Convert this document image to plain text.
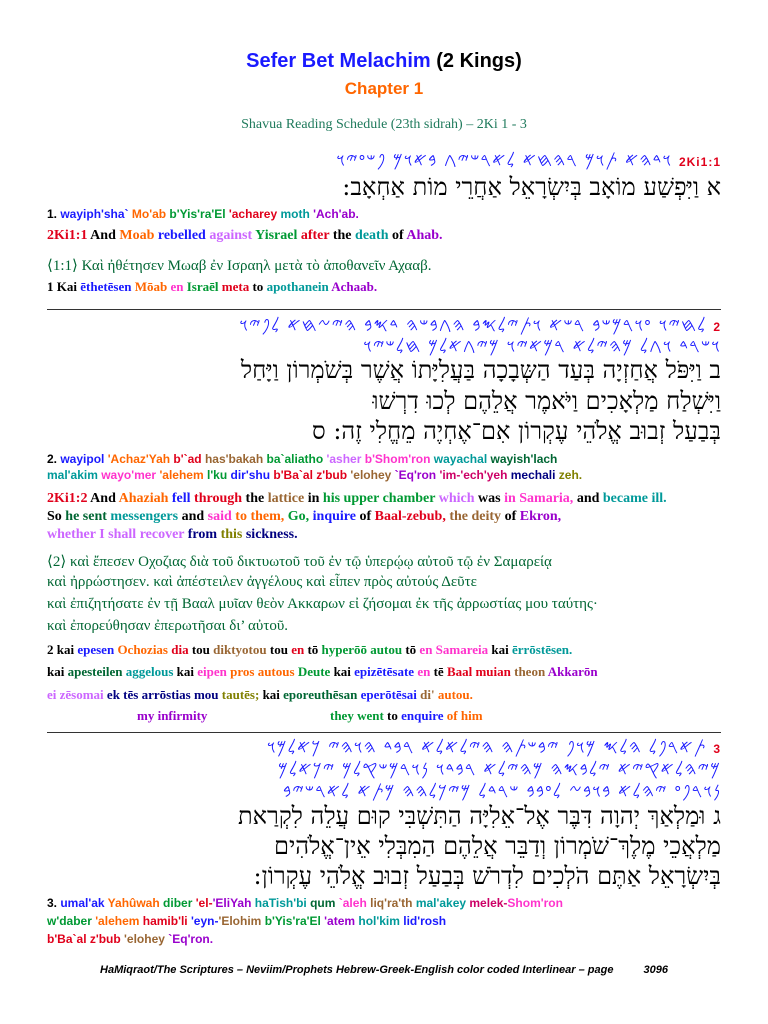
Sefer Bet Melachim (2 Kings)
Chapter 1
Shavua Reading Schedule (23th sidrah) – 2Ki 1 - 3
2Ki1:1 𐤅𐤃𐤄𐤀 𐤕𐤅𐤌 𐤓𐤄𐤇𐤀 𐤋𐤀𐤓𐤔𐤉𐤂 𐤁𐤀𐤅𐤌 𐤐𐤔𐤏𐤉𐤅
א וַיִּפְשַׁע מוֹאָב בְּיִשְׂרָאֵל אַחֲרֵי מוֹת אַחְאָב:
1. wayiph'sha` Mo'ab b'Yis'ra'El 'acharey moth 'Ach'ab.
2Ki1:1 And Moab rebelled against Yisrael after the death of Ahab.
⟨1:1⟩ Καὶ ἠθέτησεν Μωαβ ἐν Ισραηλ μετὰ τὸ ἀποθανεῖν Αχααβ.
1 Kai ēthetēsen Mōab en Israēl meta to apothanein Achaab.
2 𐤋𐤇𐤉𐤅 𐤏𐤅𐤓𐤌𐤔𐤁 𐤓𐤔𐤀 𐤅𐤕𐤉𐤋𐤎𐤁 𐤄𐤂𐤁𐤔𐤄 𐤃𐤎𐤁 𐤄𐤉𐤆𐤇𐤀 𐤋𐤐𐤉𐤅
𐤅𐤔𐤓𐤃 𐤅𐤂𐤋 𐤌𐤄𐤉𐤋𐤀 𐤓𐤌𐤀𐤉𐤅 𐤌𐤉𐤂𐤀𐤋𐤌 𐤇𐤋𐤔𐤉𐤅
ב וַיִּפֹּל אֲחַזְיָה בְּעַד הַשְּבָכָה בַּעֲלִיָּתוֹ אֲשֶׁר בְּשֹׁמְרוֹן וַיָּחַל
וַיִּשְׁלַח מַלְאָכִים וַיֹּאמֶר אֲלֵהֶם לְכוּ דִרְשׁוּ
בְּבַעַל זְבוּב אֱלֹהֵי עֶקְרוֹן אִם־אֶחְיֶה מֵחֱלִי זֶה: ס
2. wayipol 'Achaz'Yah b'`ad has'bakah ba`aliatho 'asher b'Shom'ron wayachal wayish'lach
mal'akim wayo'mer 'alehem l'ku dir'shu b'Ba`al z'bub 'elohey `Eq'ron 'im-'ech'yeh mechali zeh.
2Ki1:2 And Ahaziah fell through the lattice in his upper chamber which was in Samaria, and became ill.
So he sent messengers and said to them, Go, inquire of Baal-zebub, the deity of Ekron,
whether I shall recover from this sickness.
⟨2⟩ καὶ ἔπεσεν Οχοζιας διὰ τοῦ δικτυωτοῦ τοῦ ἐν τῷ ὑπερῴῳ αὐτοῦ τῷ ἐν Σαμαρείᾳ
καὶ ἠρρώστησεν. καὶ ἀπέστειλεν ἀγγέλους καὶ εἶπεν πρὸς αὐτούς Δεῦτε
καὶ ἐπιζητήσατε ἐν τῇ Βααλ μυῖαν θεὸν Ακκαρων εἰ ζήσομαι ἐκ τῆς ἀρρωστίας μου ταύτης·
καὶ ἐπορεύθησαν ἐπερωτῆσαι δι’ αὐτοῦ.
2 kai epesen Ochozias dia tou diktyotou tou en tō hyperōō autou tō en Samareia kai ērrōstēsen.
kai apesteilen aggelous kai eipen pros autous Deute kai epizētēsate en tē Baal muian theon Akkarōn
ei zēsomai ek tēs arrōstias mou tautēs; kai eporeuthēsan eperōtēsai di' autou.
my infirmity	they went to enquire of him
3 𐤕𐤀𐤓𐤐𐤋 𐤄𐤋𐤎 𐤌𐤅𐤐 𐤉𐤁𐤔𐤕𐤄 𐤄𐤉𐤋𐤀𐤋𐤀 𐤓𐤁𐤃 𐤄𐤅𐤄𐤉 𐤊𐤀𐤋𐤌𐤅
𐤌𐤉𐤄𐤋𐤀𐤒𐤉𐤀 𐤉𐤋𐤁𐤎𐤄 𐤌𐤄𐤉𐤋𐤀 𐤓𐤁𐤃𐤅 𐤍𐤅𐤓𐤌𐤔𐤒𐤋𐤌 𐤉𐤊𐤀𐤋𐤌
𐤍𐤅𐤓𐤐𐤏 𐤉𐤄𐤋𐤀 𐤁𐤅𐤁𐤆 𐤋𐤏𐤁𐤁 𐤔𐤓𐤃𐤋 𐤌𐤉𐤊𐤋𐤄𐤄 𐤌𐤕𐤀 𐤋𐤀𐤓𐤔𐤉𐤁
ג וּמַלְאַךְ יְהוָה דִּבֶּר אֶל־אֵלִיָּה הַתִּשְׁבִּי קוּם עֲלֵה לִקְרַאת
מַלְאֲכֵי מֶלֶךְ־שֹׁמְרוֹן וְדַבֵּר אֲלֵהֶם הַמִבְּלִי אֵין־אֱלֹהִים
בְּיִשְׂרָאֵל אַתֶּם הֹלְכִים לִדְרֹשׁ בְּבַעַל זְבוּב אֱלֹהֵי עֶקְרוֹן:
3. umal'ak Yahûwah diber 'el-'EliYah haTish'bi qum `aleh liq'ra'th mal'akey melek-Shom'ron
w'daber 'alehem hamib'li 'eyn-'Elohim b'Yis'ra'El 'atem hol'kim lid'rosh
b'Ba`al z'bub 'elohey `Eq'ron.
HaMiqraot/The Scriptures – Neviim/Prophets Hebrew-Greek-English color coded Interlinear – page	3096
